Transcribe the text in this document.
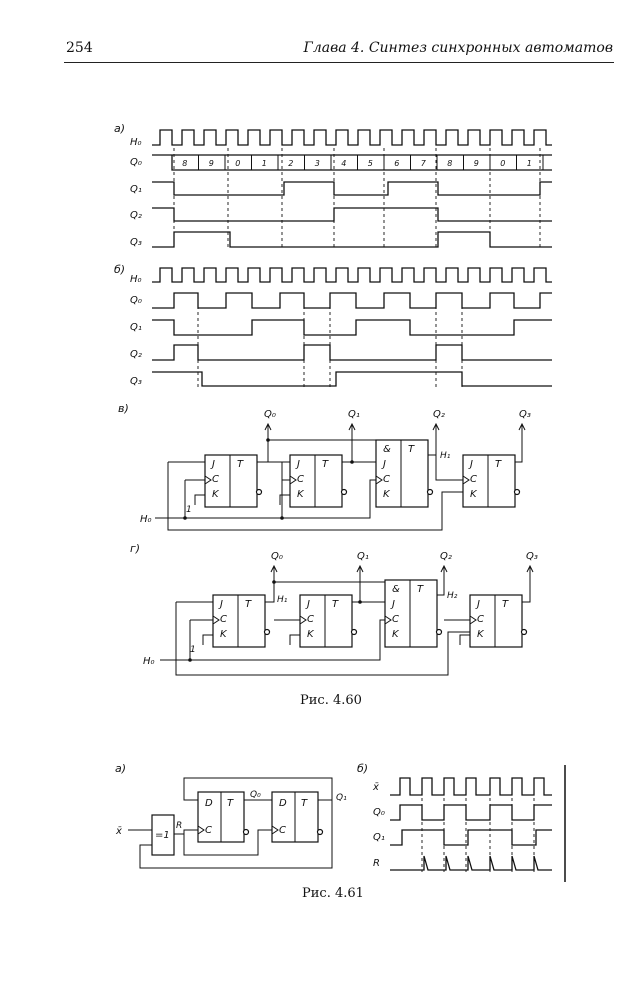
254	Глава 4. Синтез синхронных автоматов
а)
H₀
Q₀
Q₁
Q₂
Q₃
8	9	0	1	2	3	4	5	6	7	8	9	0	1
б)
H₀
Q₀
Q₁
Q₂
Q₃
в)
J
C
K
T	J
C
K
T
&
J
C
K
T
J
C
K
T
Q₀	Q₁	Q₂	Q₃
H₁
1
H₀
г)
J
C
K
T	J
C
K
T
&
J
C
K
T
J
C
K
T
Q₀	Q₁	Q₂	Q₃
H₁	H₂
1
H₀
а)
=1
D
C
T	D
C
T
x̄	R
Q₀	Q₁
б)
x̄
Q₀
Q₁
R
Рис. 4.60
Рис. 4.61
